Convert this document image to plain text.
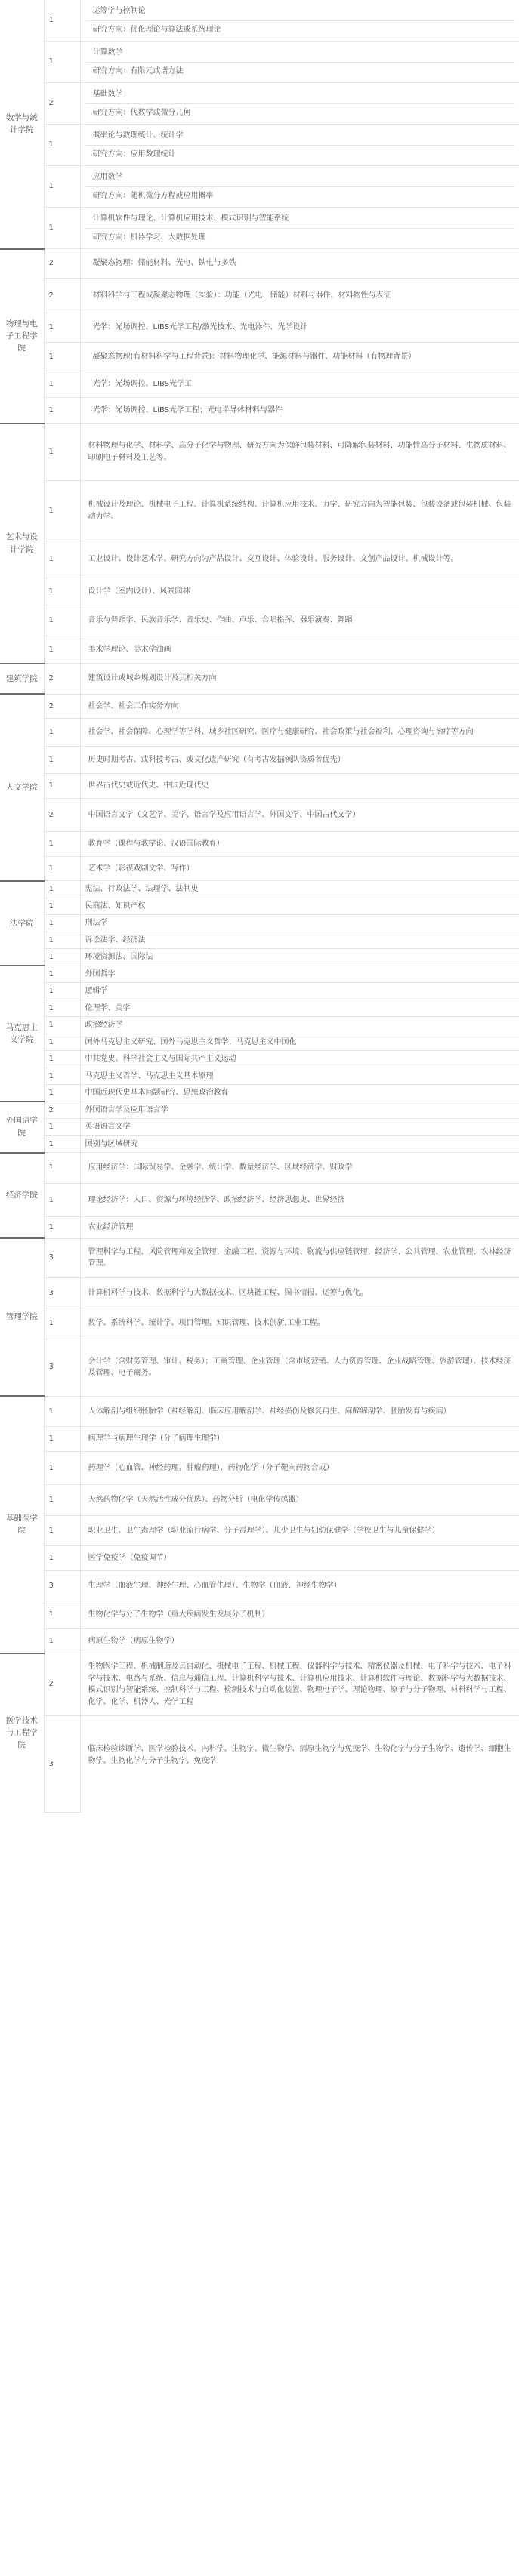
数学与统计学院	1	运筹学与控制论
研究方向：优化理论与算法或系统理论

	1	计算数学
研究方向：有限元或谱方法

	2	基础数学
研究方向：代数学或微分几何

	1	概率论与数理统计、统计学
研究方向：应用数理统计

	1	应用数学
研究方向：随机微分方程或应用概率

	1	计算机软件与理论、计算机应用技术、模式识别与智能系统
研究方向：机器学习、大数据处理

物理与电子工程学院	2	凝聚态物理：储能材料、光电、铁电与多铁

	2	材料科学与工程或凝聚态物理（实验）：功能（光电、储能）材料与器件、材料物性与表征

	1	光学：光场调控、LIBS光学工程/激光技术、光电器件、光学设计

	1	凝聚态物理(有材料科学与工程背景)：材料物理化学、能源材料与器件、功能材料（有物理背景）

	1	光学：光场调控、LIBS光学工

	1	光学：光场调控、LIBS光学工程；光电半导体材料与器件

艺术与设计学院	1	材料物理与化学、材料学、高分子化学与物理、研究方向为保鲜包装材料、可降解包装材料、功能性高分子材料、生物质材料、印刷电子材料及工艺等。
	1	机械设计及理论、机械电子工程、计算机系统结构、计算机应用技术、力学、研究方向为智能包装、包装设备或包装机械、包装动力学。
	1	工业设计、设计艺术学、研究方向为产品设计、交互设计、体验设计、服务设计、文创产品设计、机械设计等。
	1	设计学（室内设计）、风景园林
	1	音乐与舞蹈学、民族音乐学、音乐史、作曲、声乐、合唱指挥、器乐演奏、舞蹈
	1	美术学理论、美术学油画
建筑学院	2	建筑设计或城乡规划设计及其相关方向
人文学院	2	社会学、社会工作实务方向
	1	社会学、社会保障、心理学等学科、城乡社区研究、医疗与健康研究、社会政策与社会福利、心理咨询与治疗等方向
	1	历史时期考古、或科技考古、或文化遗产研究（有考古发掘领队资质者优先）
	1	世界古代史或近代史、中国近现代史
	2	中国语言文学（文艺学、美学、语言学及应用语言学、外国文学、中国古代文学）
	1	教育学（课程与教学论、汉语国际教育）
	1	艺术学（影视戏剧文学、写作）
法学院	1	宪法、行政法学、法理学、法制史
	1	民商法、知识产权
	1	刑法学
	1	诉讼法学、经济法
	1	环境资源法、国际法
马克思主义学院	1	外国哲学
	1	逻辑学
	1	伦理学、美学
	1	政治经济学
	1	国外马克思主义研究、国外马克思主义哲学、马克思主义中国化
	1	中共党史、科学社会主义与国际共产主义运动
	1	马克思主义哲学、马克思主义基本原理
	1	中国近现代史基本问题研究、思想政治教育
外国语学院	2	外国语言学及应用语言学
	1	英语语言文学
	1	国别与区域研究
经济学院	1	应用经济学：国际贸易学、金融学、统计学、数量经济学、区域经济学、财政学
	1	理论经济学：人口、资源与环境经济学、政治经济学、经济思想史、世界经济
	1	农业经济管理
管理学院	3	管理科学与工程、风险管理和安全管理、金融工程、资源与环境、物流与供应链管理、经济学、公共管理、农业管理、农林经济管理。
	3	计算机科学与技术、数据科学与大数据技术、区块链工程、图书情报、运筹与优化。
	1	数学、系统科学、统计学、项目管理、知识管理、技术创新,工业工程。
	3	会计学（含财务管理、审计、税务）；工商管理、企业管理（含市场营销、人力资源管理、企业战略管理、旅游管理）、技术经济及管理、电子商务。
基础医学院	1	人体解剖与组织胚胎学（神经解剖、临床应用解剖学、神经损伤及修复再生、麻醉解剖学、胚胎发育与疾病）
	1	病理学与病理生理学（分子病理生理学）
	1	药理学（心血管、神经药理、肿瘤药理）、药物化学（分子靶向药物合成）
	1	天然药物化学（天然活性成分优选）、药物分析（电化学传感器）
	1	职业卫生、卫生毒理学（职业流行病学、分子毒理学）、儿少卫生与妇幼保健学（学校卫生与儿童保健学）
	1	医学免疫学（免疫调节）
	3	生理学（血液生理、神经生理、心血管生理）、生物学（血液、神经生物学）
	1	生物化学与分子生物学（重大疾病发生发展分子机制）
	1	病原生物学（病原生物学）
医学技术与工程学院	2	生物医学工程、机械制造及其自动化、机械电子工程、机械工程、仪器科学与技术、精密仪器及机械、电子科学与技术、电子科学与技术、电路与系统、信息与通信工程、计算机科学与技术、计算机应用技术、计算机软件与理论、数据科学与大数据技术、模式识别与智能系统、控制科学与工程、检测技术与自动化装置、物理电子学、理论物理、原子与分子物理、材料科学与工程、化学、化学、机器人、光学工程
	3	临床检验诊断学、医学检验技术、内科学、生物学、微生物学、病原生物学与免疫学、生物化学与分子生物学、遗传学、细胞生物学、生物化学与分子生物学、免疫学
